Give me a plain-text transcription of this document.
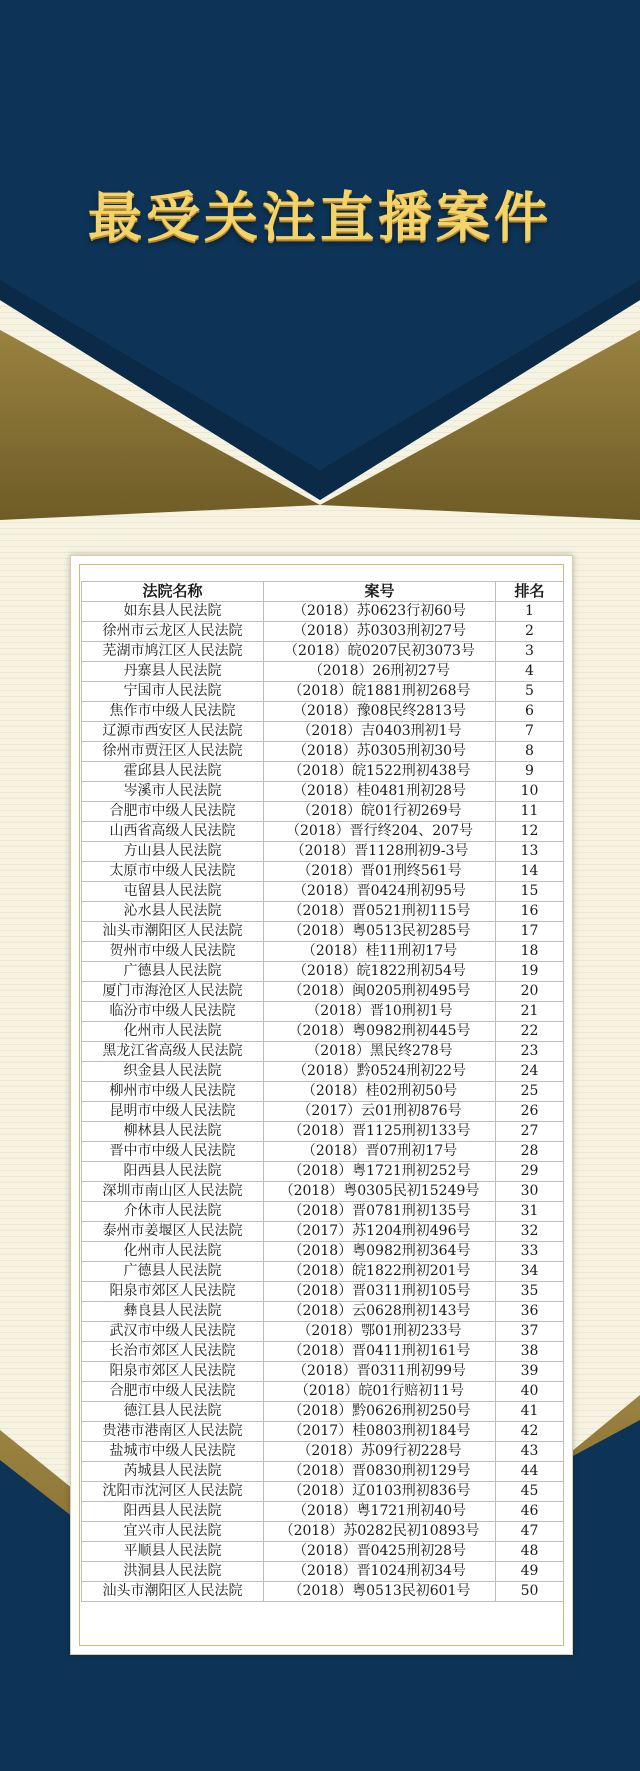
最受关注直播案件
法院名称	案号	排名
如东县人民法院	（2018）苏0623行初60号	1
徐州市云龙区人民法院	（2018）苏0303刑初27号	2
芜湖市鸠江区人民法院	（2018）皖0207民初3073号	3
丹寨县人民法院	（2018）26刑初27号	4
宁国市人民法院	（2018）皖1881刑初268号	5
焦作市中级人民法院	（2018）豫08民终2813号	6
辽源市西安区人民法院	（2018）吉0403刑初1号	7
徐州市贾汪区人民法院	（2018）苏0305刑初30号	8
霍邱县人民法院	（2018）皖1522刑初438号	9
岑溪市人民法院	（2018）桂0481刑初28号	10
合肥市中级人民法院	（2018）皖01行初269号	11
山西省高级人民法院	（2018）晋行终204、207号	12
方山县人民法院	（2018）晋1128刑初9-3号	13
太原市中级人民法院	（2018）晋01刑终561号	14
屯留县人民法院	（2018）晋0424刑初95号	15
沁水县人民法院	（2018）晋0521刑初115号	16
汕头市潮阳区人民法院	（2018）粤0513民初285号	17
贺州市中级人民法院	（2018）桂11刑初17号	18
广德县人民法院	（2018）皖1822刑初54号	19
厦门市海沧区人民法院	（2018）闽0205刑初495号	20
临汾市中级人民法院	（2018）晋10刑初1号	21
化州市人民法院	（2018）粤0982刑初445号	22
黑龙江省高级人民法院	（2018）黑民终278号	23
织金县人民法院	（2018）黔0524刑初22号	24
柳州市中级人民法院	（2018）桂02刑初50号	25
昆明市中级人民法院	（2017）云01刑初876号	26
柳林县人民法院	（2018）晋1125刑初133号	27
晋中市中级人民法院	（2018）晋07刑初17号	28
阳西县人民法院	（2018）粤1721刑初252号	29
深圳市南山区人民法院	（2018）粤0305民初15249号	30
介休市人民法院	（2018）晋0781刑初135号	31
泰州市姜堰区人民法院	（2017）苏1204刑初496号	32
化州市人民法院	（2018）粤0982刑初364号	33
广德县人民法院	（2018）皖1822刑初201号	34
阳泉市郊区人民法院	（2018）晋0311刑初105号	35
彝良县人民法院	（2018）云0628刑初143号	36
武汉市中级人民法院	（2018）鄂01刑初233号	37
长治市郊区人民法院	（2018）晋0411刑初161号	38
阳泉市郊区人民法院	（2018）晋0311刑初99号	39
合肥市中级人民法院	（2018）皖01行赔初11号	40
德江县人民法院	（2018）黔0626刑初250号	41
贵港市港南区人民法院	（2017）桂0803刑初184号	42
盐城市中级人民法院	（2018）苏09行初228号	43
芮城县人民法院	（2018）晋0830刑初129号	44
沈阳市沈河区人民法院	（2018）辽0103刑初836号	45
阳西县人民法院	（2018）粤1721刑初40号	46
宜兴市人民法院	（2018）苏0282民初10893号	47
平顺县人民法院	（2018）晋0425刑初28号	48
洪洞县人民法院	（2018）晋1024刑初34号	49
汕头市潮阳区人民法院	（2018）粤0513民初601号	50
